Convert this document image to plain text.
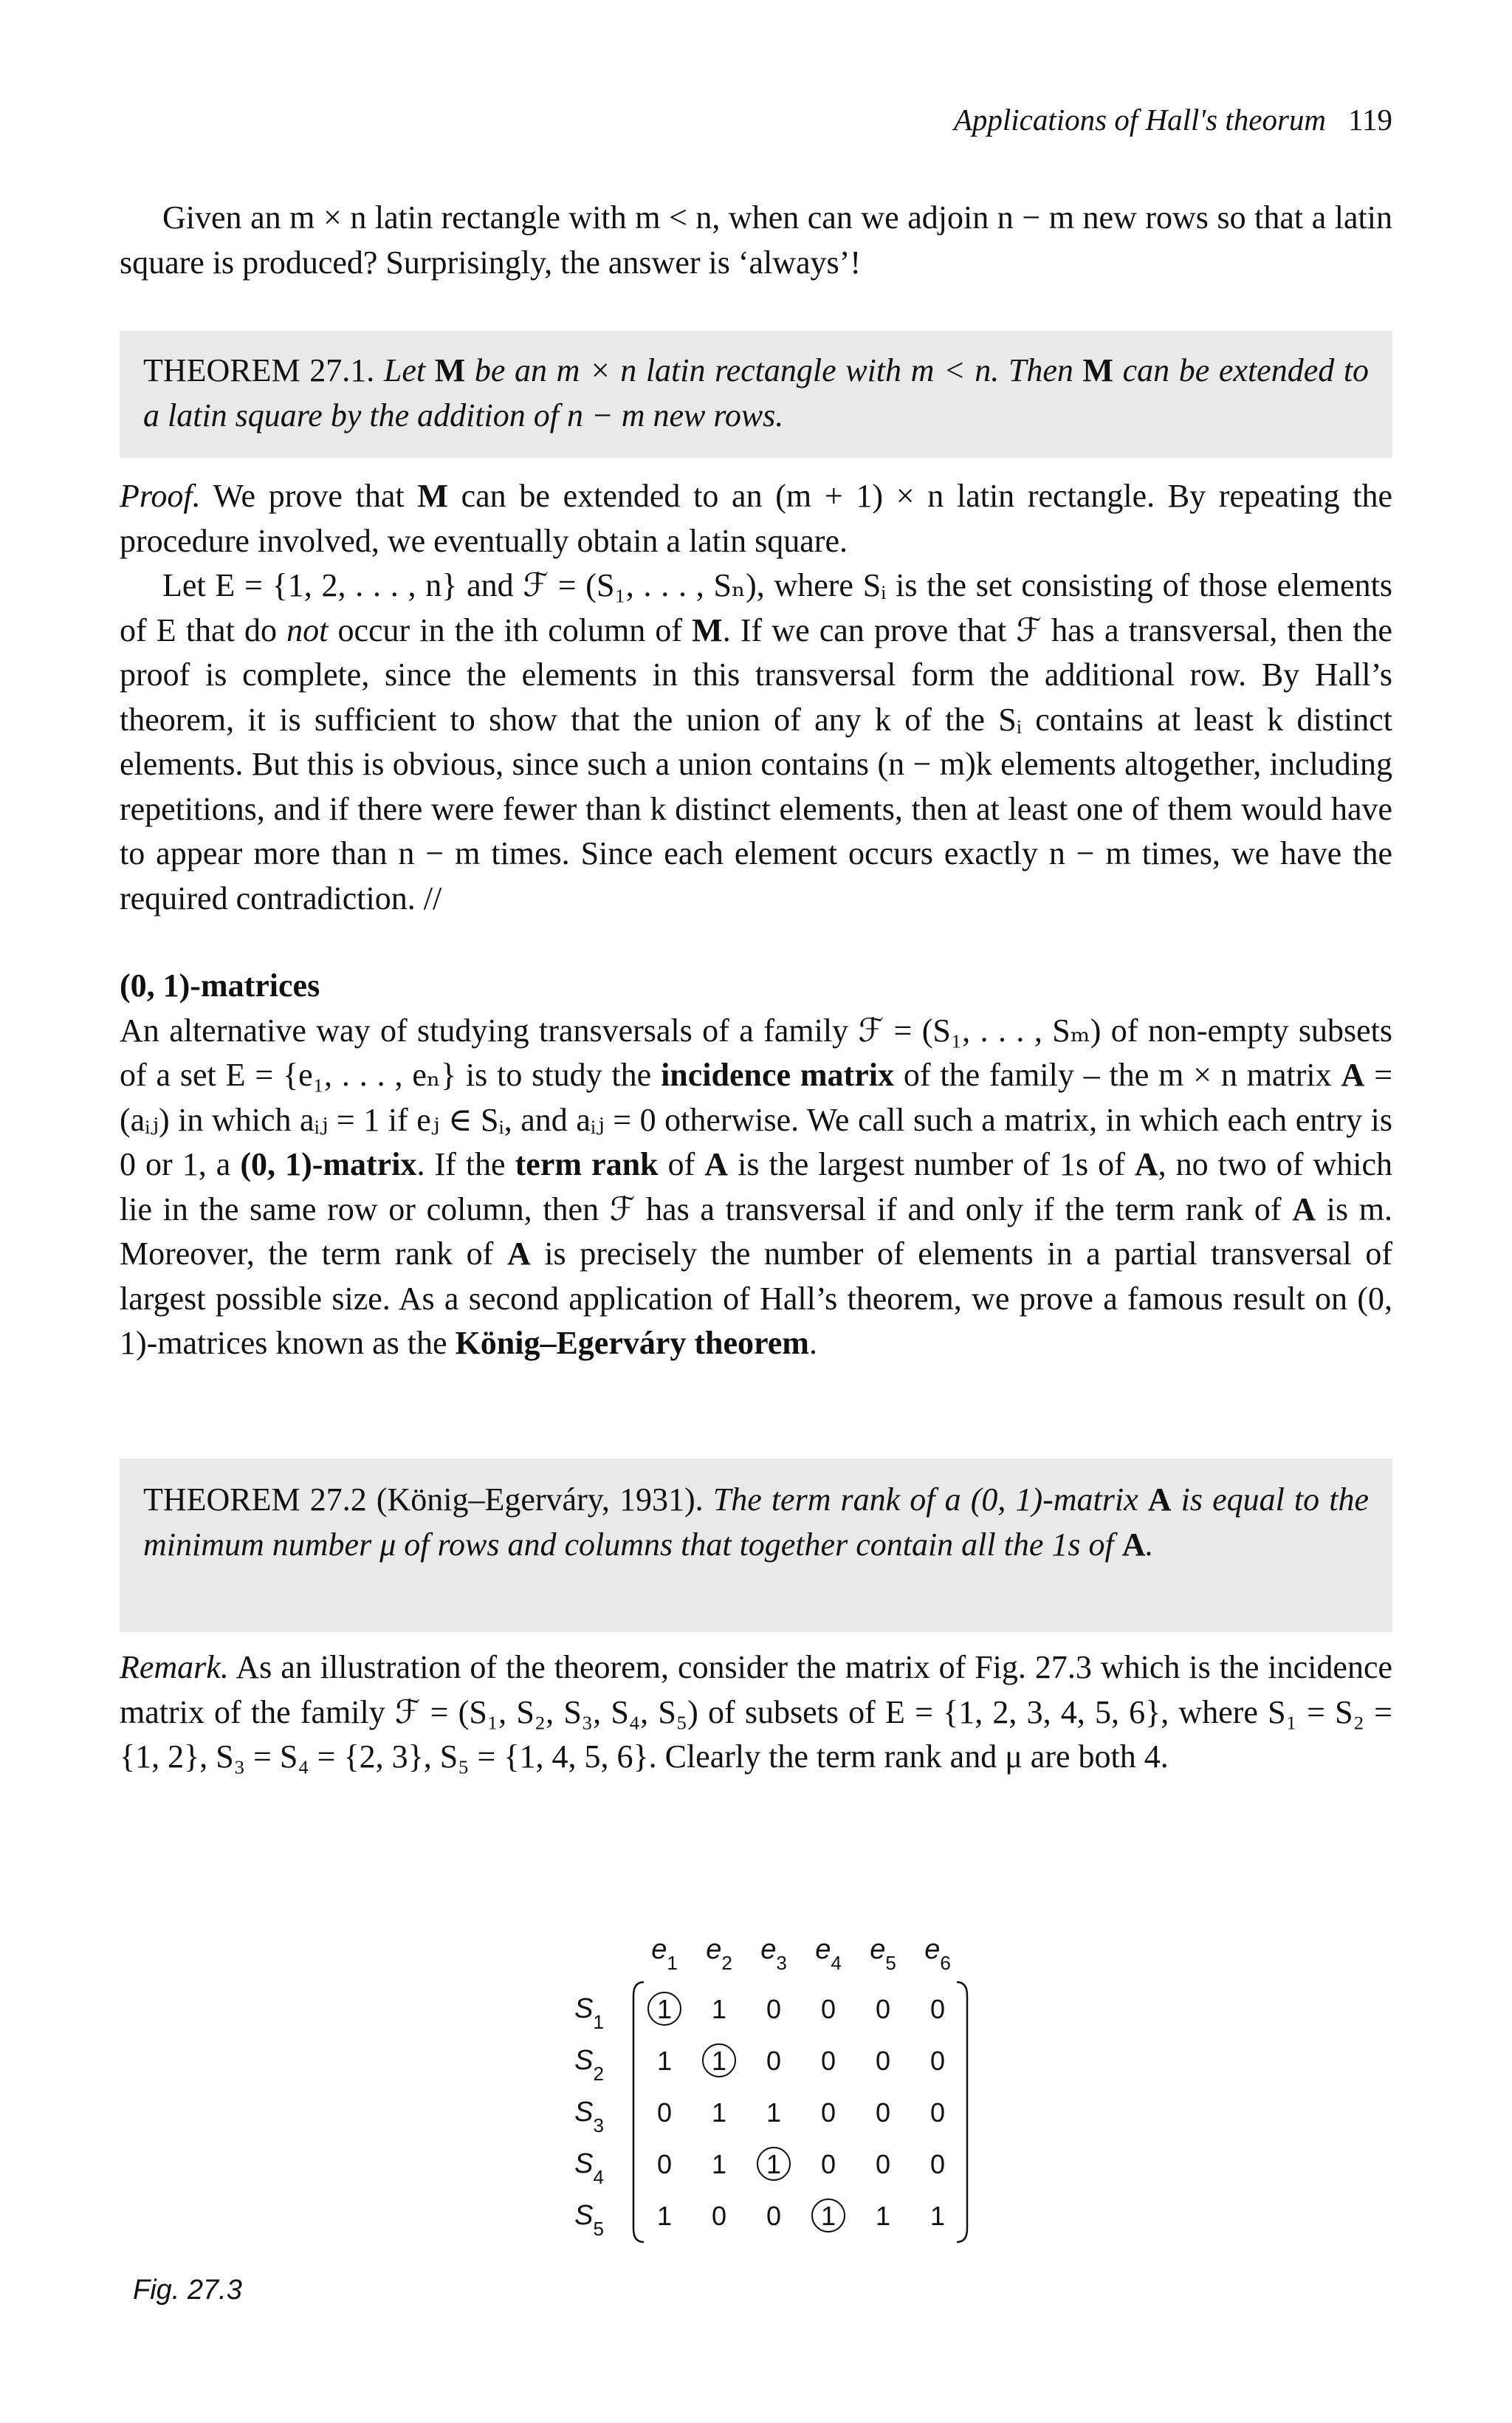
Applications of Hall's theorum 119

Given an m × n latin rectangle with m < n, when can we adjoin n − m new rows so that a latin square is produced? Surprisingly, the answer is ‘always’!

THEOREM 27.1. Let M be an m × n latin rectangle with m < n. Then M can be extended to a latin square by the addition of n − m new rows.

Proof. We prove that M can be extended to an (m + 1) × n latin rectangle. By repeating the procedure involved, we eventually obtain a latin square.

Let E = {1, 2, . . . , n} and ℱ = (S₁, . . . , Sₙ), where Sᵢ is the set consisting of those elements of E that do not occur in the ith column of M. If we can prove that ℱ has a transversal, then the proof is complete, since the elements in this transversal form the additional row. By Hall’s theorem, it is sufficient to show that the union of any k of the Sᵢ contains at least k distinct elements. But this is obvious, since such a union contains (n − m)k elements altogether, including repetitions, and if there were fewer than k distinct elements, then at least one of them would have to appear more than n − m times. Since each element occurs exactly n − m times, we have the required contradiction. //

(0, 1)-matrices

An alternative way of studying transversals of a family ℱ = (S₁, . . . , Sₘ) of non-empty subsets of a set E = {e₁, . . . , eₙ} is to study the incidence matrix of the family – the m × n matrix A = (aᵢⱼ) in which aᵢⱼ = 1 if eⱼ ∈ Sᵢ, and aᵢⱼ = 0 otherwise. We call such a matrix, in which each entry is 0 or 1, a (0, 1)-matrix. If the term rank of A is the largest number of 1s of A, no two of which lie in the same row or column, then ℱ has a transversal if and only if the term rank of A is m. Moreover, the term rank of A is precisely the number of elements in a partial transversal of largest possible size. As a second application of Hall’s theorem, we prove a famous result on (0, 1)-matrices known as the König–Egerváry theorem.

THEOREM 27.2 (König–Egerváry, 1931). The term rank of a (0, 1)-matrix A is equal to the minimum number μ of rows and columns that together contain all the 1s of A.

Remark. As an illustration of the theorem, consider the matrix of Fig. 27.3 which is the incidence matrix of the family ℱ = (S₁, S₂, S₃, S₄, S₅) of subsets of E = {1, 2, 3, 4, 5, 6}, where S₁ = S₂ = {1, 2}, S₃ = S₄ = {2, 3}, S₅ = {1, 4, 5, 6}. Clearly the term rank and μ are both 4.

$e_1$ $e_2$ $e_3$ $e_4$ $e_5$ $e_6$
$S_1$
$S_2$
$S_3$
$S_4$
$S_5$
1 1 0 0 0 0
1 1 0 0 0 0
0 1 1 0 0 0
0 1 1 0 0 0
1 0 0 1 1 1
Fig. 27.3
